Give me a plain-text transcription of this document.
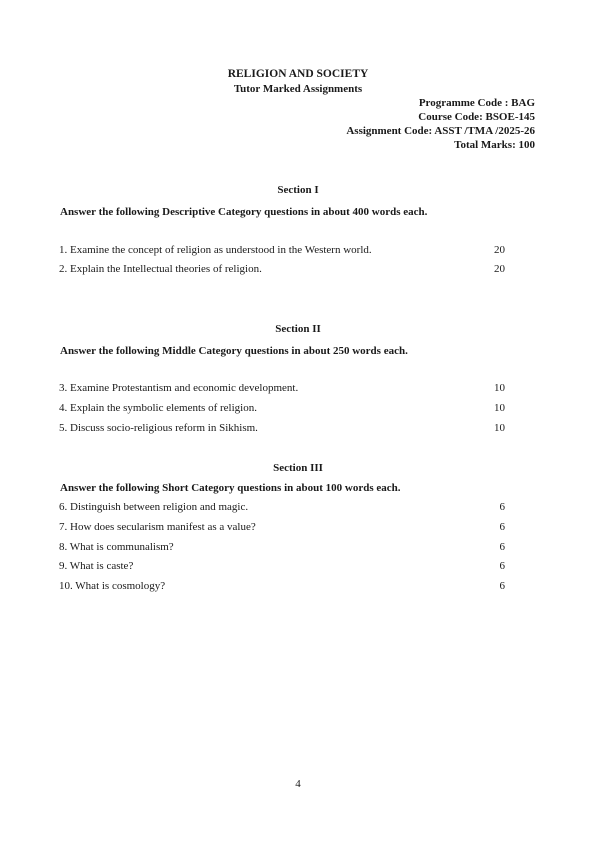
RELIGION AND SOCIETY
Tutor Marked Assignments
Programme Code : BAG
Course Code: BSOE-145
Assignment Code: ASST /TMA /2025-26
Total Marks: 100
Section I
Answer the following Descriptive Category questions in about 400 words each.
1. Examine the concept of religion as understood in the Western world.	20
2. Explain the Intellectual theories of religion.	20
Section II
Answer the following Middle Category questions in about 250 words each.
3. Examine Protestantism and economic development.	10
4. Explain the symbolic elements of religion.	10
5. Discuss socio-religious reform in Sikhism.	10
Section III
Answer the following Short Category questions in about 100 words each.
6. Distinguish between religion and magic.	6
7. How does secularism manifest as a value?	6
8. What is communalism?	6
9. What is caste?	6
10. What is cosmology?	6
4
